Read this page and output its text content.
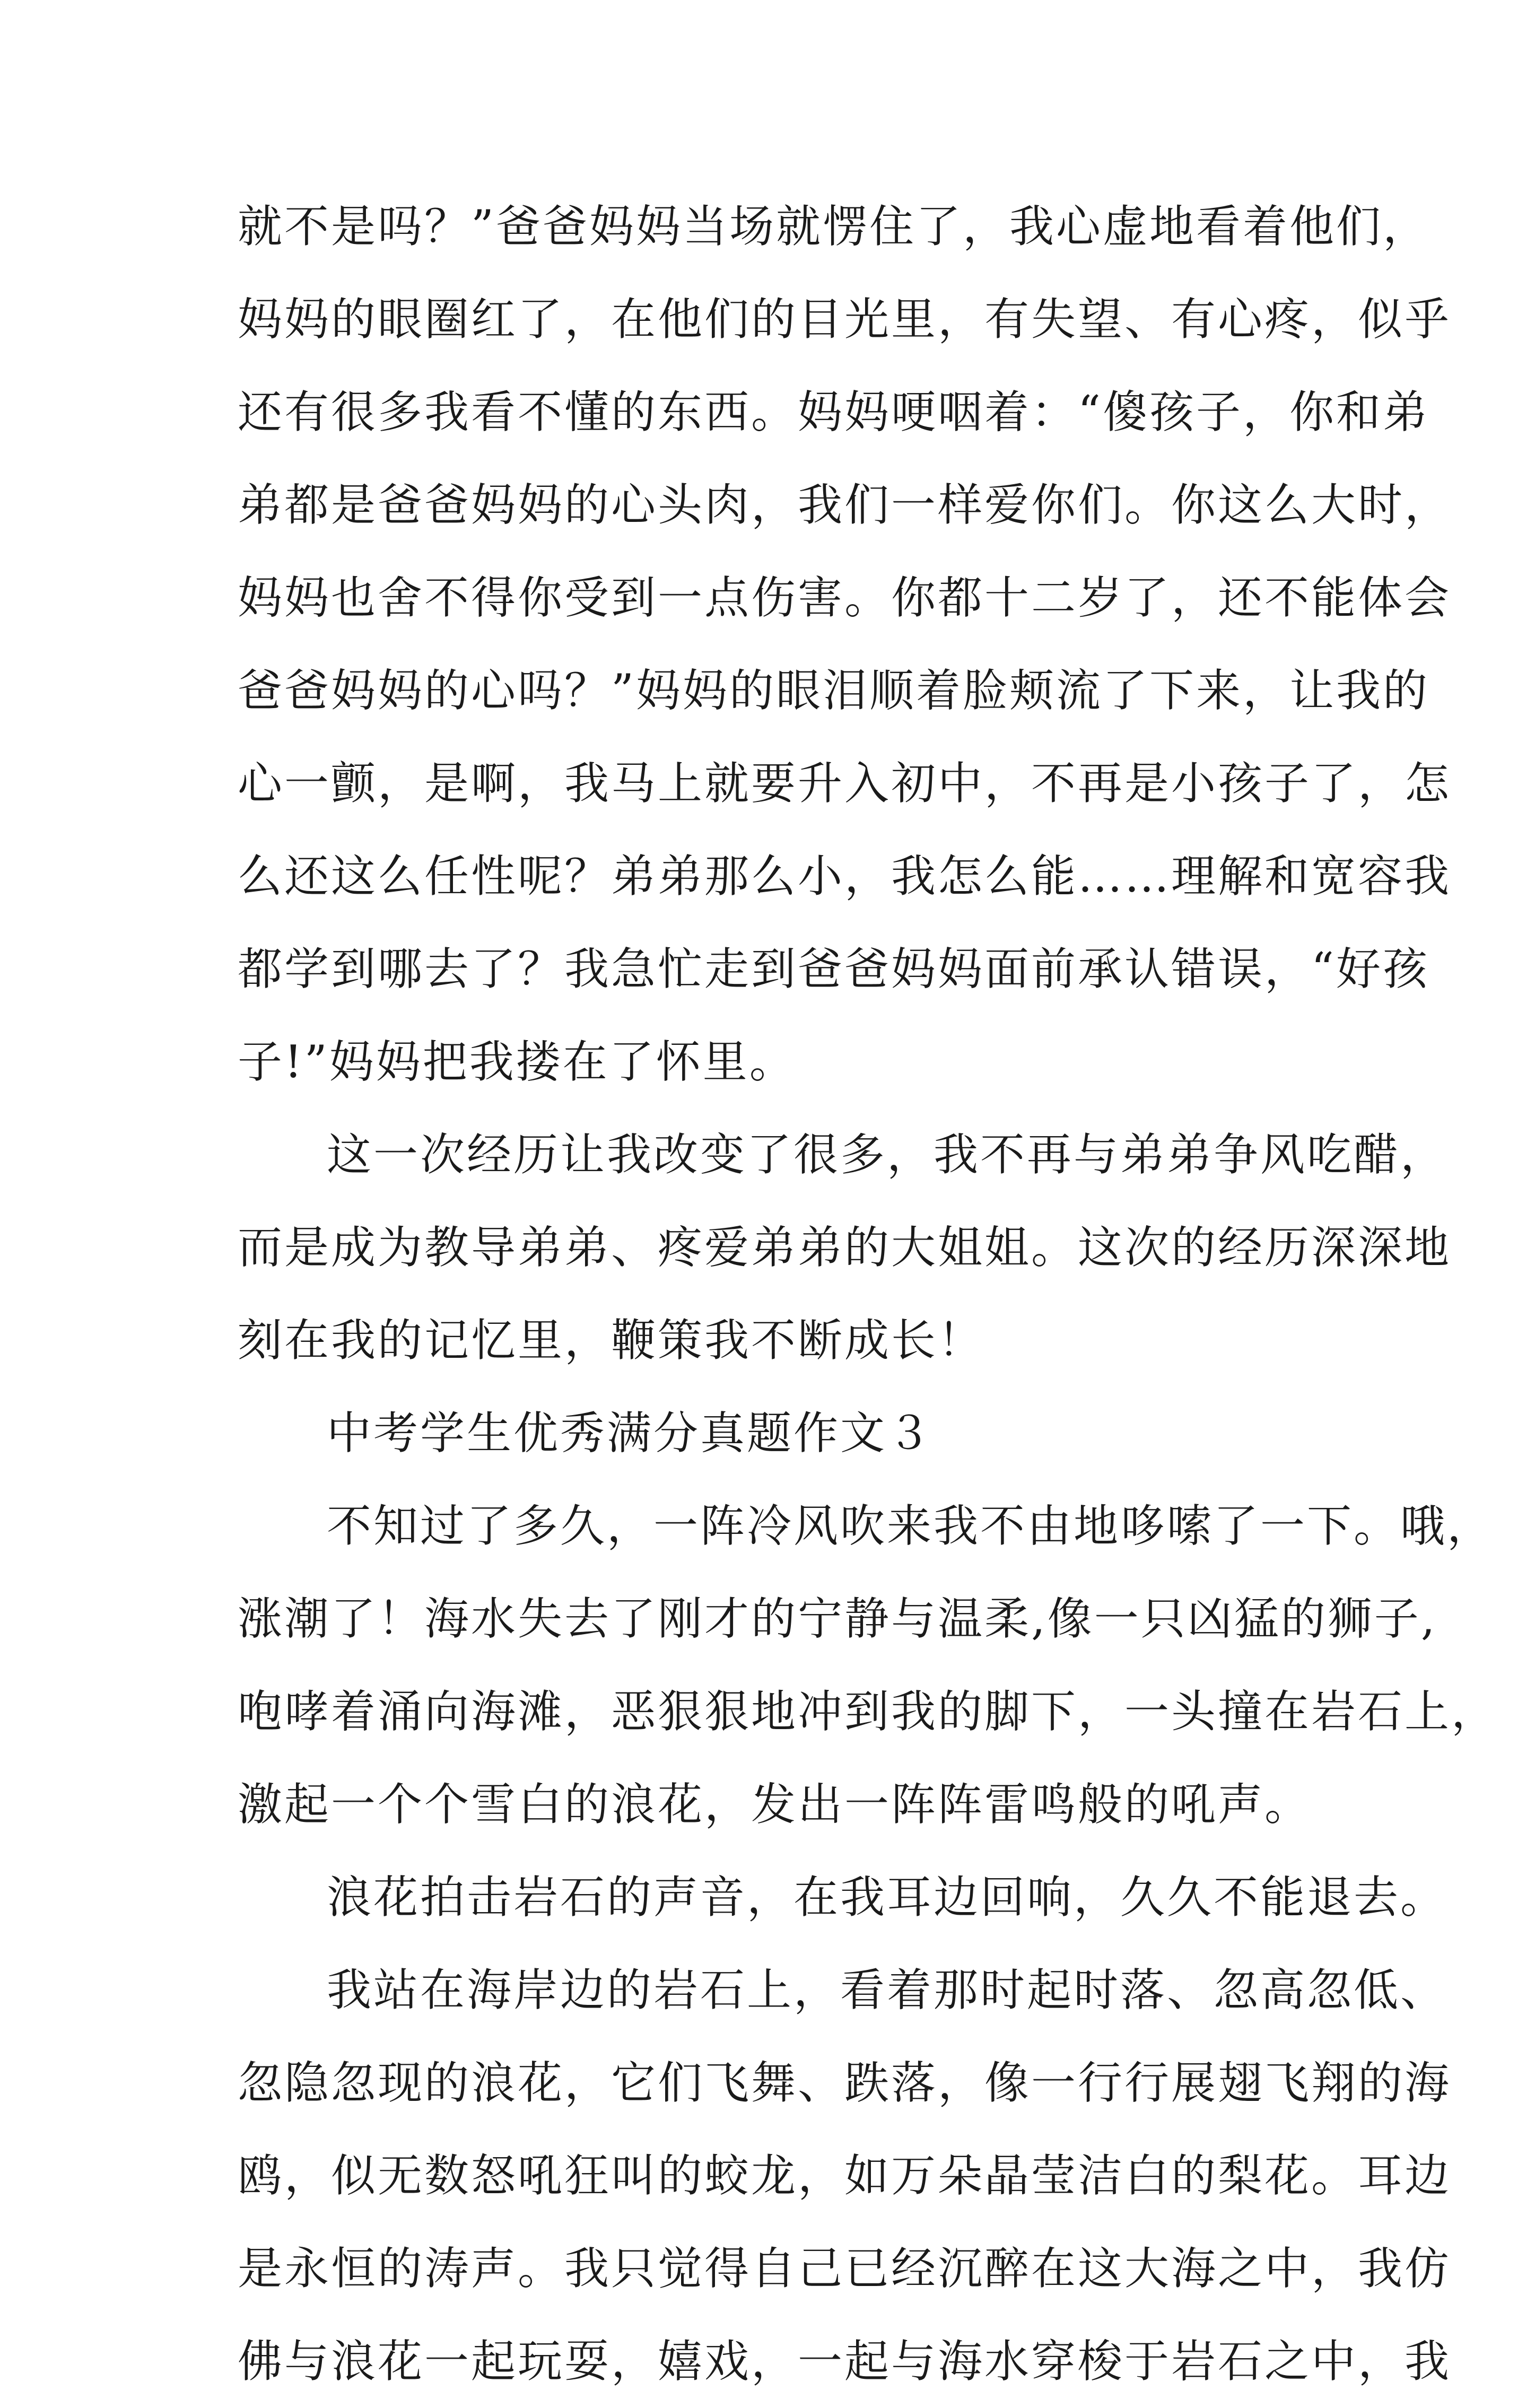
就不是吗？”爸爸妈妈当场就愣住了，我心虚地看着他们，
妈妈的眼圈红了，在他们的目光里，有失望、有心疼，似乎
还有很多我看不懂的东西。妈妈哽咽着：“傻孩子，你和弟
弟都是爸爸妈妈的心头肉，我们一样爱你们。你这么大时，
妈妈也舍不得你受到一点伤害。你都十二岁了，还不能体会
爸爸妈妈的心吗？”妈妈的眼泪顺着脸颊流了下来，让我的
心一颤，是啊，我马上就要升入初中，不再是小孩子了，怎
么还这么任性呢？弟弟那么小，我怎么能……理解和宽容我
都学到哪去了？我急忙走到爸爸妈妈面前承认错误，“好孩
子!”妈妈把我搂在了怀里。
这一次经历让我改变了很多，我不再与弟弟争风吃醋，
而是成为教导弟弟、疼爱弟弟的大姐姐。这次的经历深深地
刻在我的记忆里，鞭策我不断成长！
中考学生优秀满分真题作文３
不知过了多久，一阵冷风吹来我不由地哆嗦了一下。哦，
涨潮了！海水失去了刚才的宁静与温柔,像一只凶猛的狮子,
咆哮着涌向海滩，恶狠狠地冲到我的脚下，一头撞在岩石上，
激起一个个雪白的浪花，发出一阵阵雷鸣般的吼声。
浪花拍击岩石的声音，在我耳边回响，久久不能退去。
我站在海岸边的岩石上，看着那时起时落、忽高忽低、
忽隐忽现的浪花，它们飞舞、跌落，像一行行展翅飞翔的海
鸥，似无数怒吼狂叫的蛟龙，如万朵晶莹洁白的梨花。耳边
是永恒的涛声。我只觉得自己已经沉醉在这大海之中，我仿
佛与浪花一起玩耍，嬉戏，一起与海水穿梭于岩石之中，我
